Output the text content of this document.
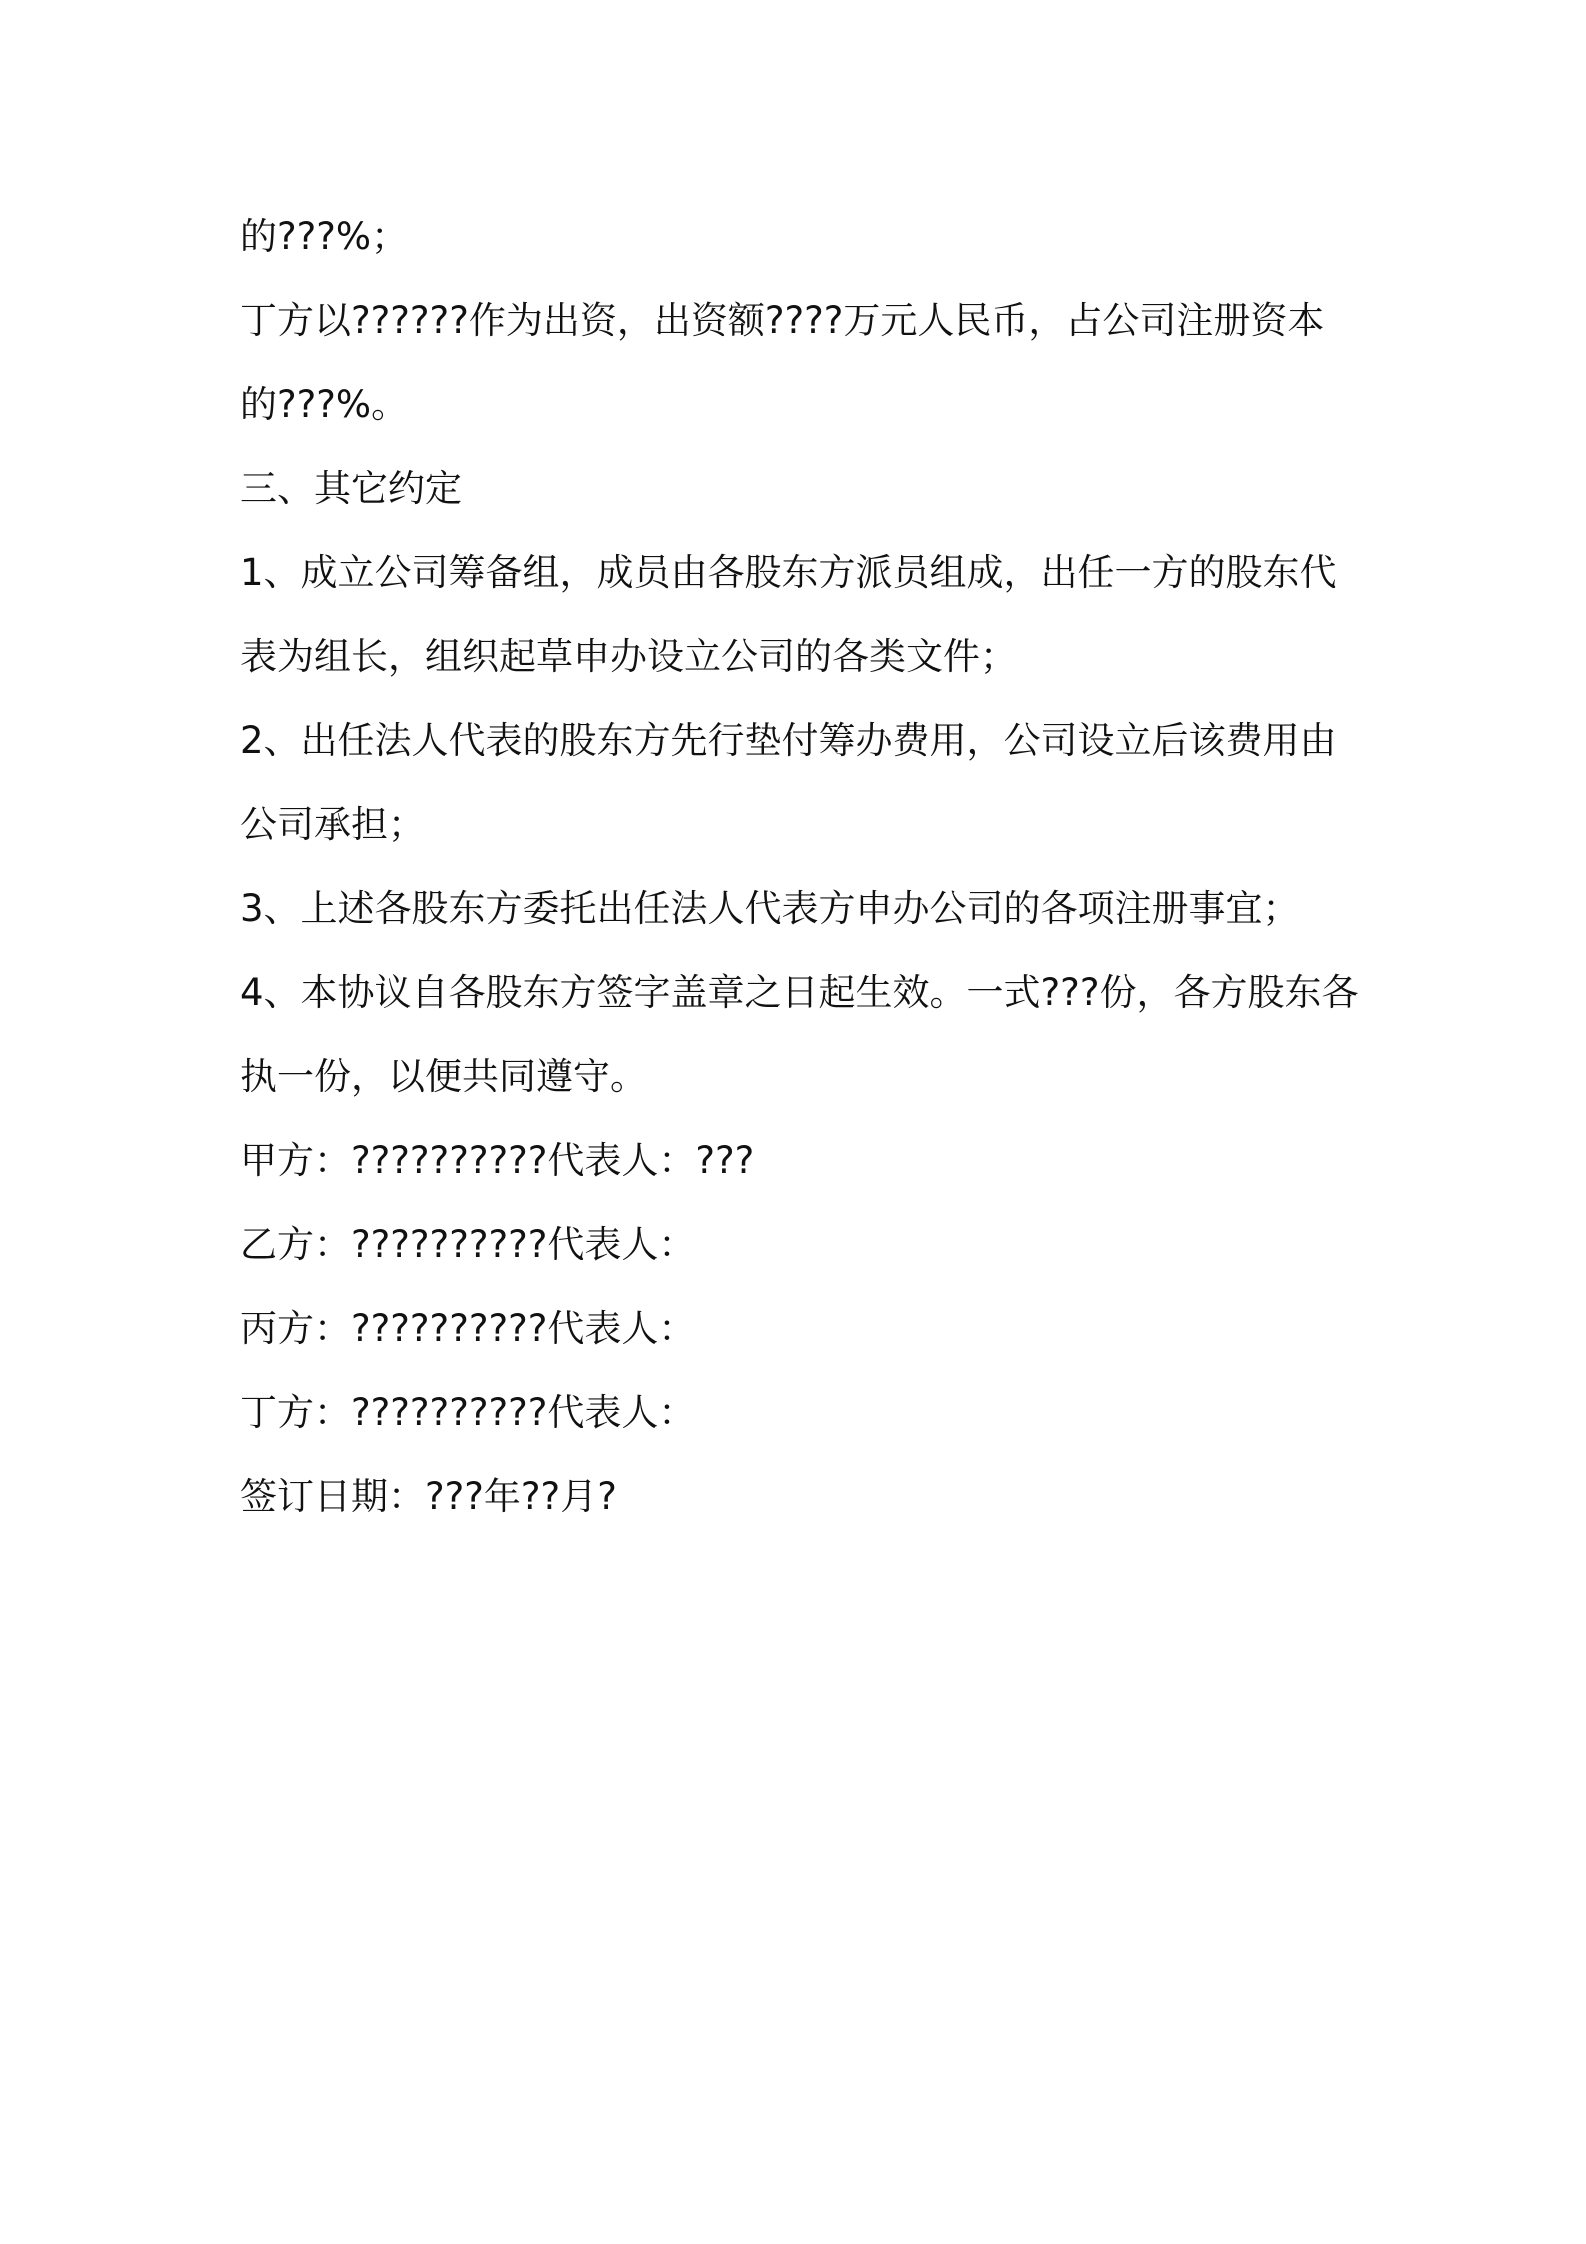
的???%；
丁方以??????作为出资，出资额????万元人民币，占公司注册资本
的???%。
三、其它约定
1、成立公司筹备组，成员由各股东方派员组成，出任一方的股东代
表为组长，组织起草申办设立公司的各类文件；
2、出任法人代表的股东方先行垫付筹办费用，公司设立后该费用由
公司承担；
3、上述各股东方委托出任法人代表方申办公司的各项注册事宜；
4、本协议自各股东方签字盖章之日起生效。一式???份，各方股东各
执一份，以便共同遵守。
甲方：??????????代表人：???
乙方：??????????代表人：
丙方：??????????代表人：
丁方：??????????代表人：
签订日期：???年??月?
